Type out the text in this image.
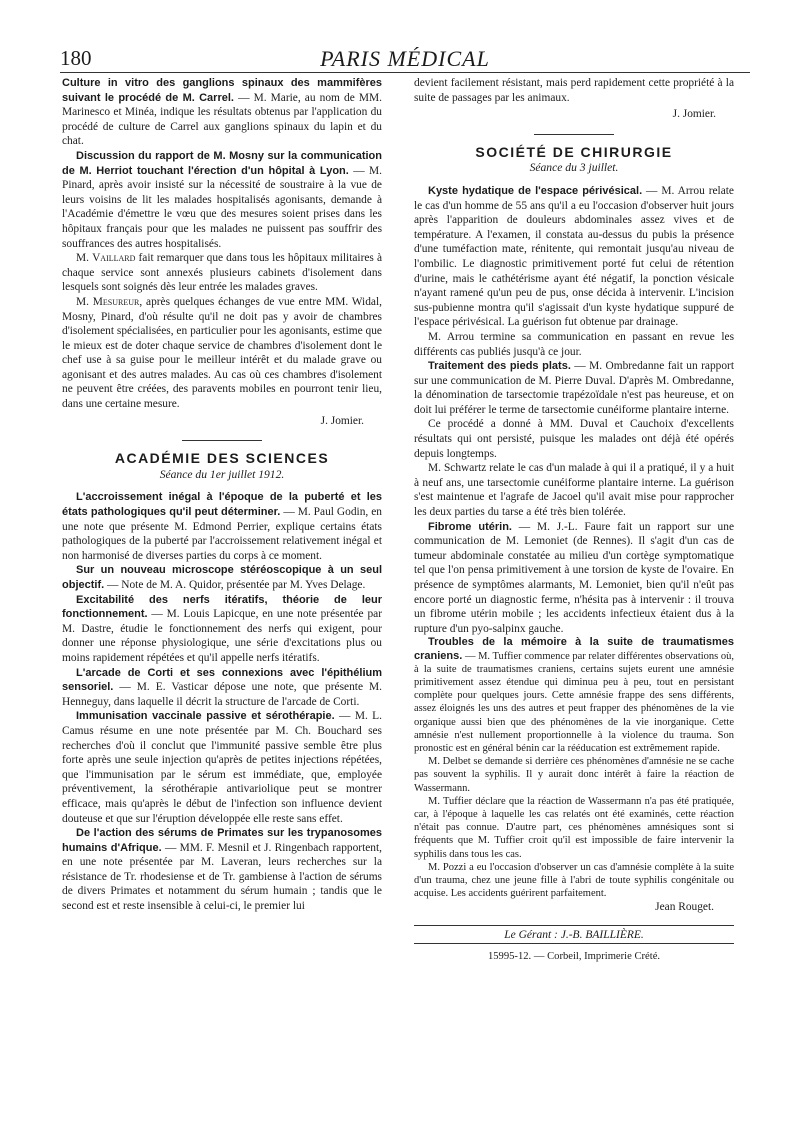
180	PARIS MÉDICAL

Culture in vitro des ganglions spinaux des mammifères suivant le procédé de M. Carrel. — M. Marie, au nom de MM. Marinesco et Minéa, indique les résultats obtenus par l'application du procédé de culture de Carrel aux ganglions spinaux du lapin et du chat.

Discussion du rapport de M. Mosny sur la communication de M. Herriot touchant l'érection d'un hôpital à Lyon. — M. Pinard, après avoir insisté sur la nécessité de soustraire à la vue de leurs voisins de lit les malades hospitalisés agonisants, demande à l'Académie d'émettre le vœu que des mesures soient prises dans les hôpitaux français pour que les malades ne puissent pas souffrir des souffrances des autres hospitalisés.

M. Vaillard fait remarquer que dans tous les hôpitaux militaires à chaque service sont annexés plusieurs cabinets d'isolement dans lesquels sont soignés dès leur entrée les malades graves.

M. Mesureur, après quelques échanges de vue entre MM. Widal, Mosny, Pinard, d'où résulte qu'il ne doit pas y avoir de chambres d'isolement spécialisées, en particulier pour les agonisants, estime que le mieux est de doter chaque service de chambres d'isolement dont le chef use à sa guise pour le meilleur intérêt et du malade grave ou agonisant et des autres malades. Au cas où ces chambres d'isolement ne peuvent être créées, des paravents mobiles en pourront tenir lieu, dans une certaine mesure.

J. Jomier.
ACADÉMIE DES SCIENCES
Séance du 1er juillet 1912.

L'accroissement inégal à l'époque de la puberté et les états pathologiques qu'il peut déterminer. — M. Paul Godin, en une note que présente M. Edmond Perrier, explique certains états pathologiques de la puberté par l'accroissement relativement inégal et non harmonisé de diverses parties du corps à ce moment.

Sur un nouveau microscope stéréoscopique à un seul objectif. — Note de M. A. Quidor, présentée par M. Yves Delage.

Excitabilité des nerfs itératifs, théorie de leur fonctionnement. — M. Louis Lapicque, en une note présentée par M. Dastre, étudie le fonctionnement des nerfs qui exigent, pour donner une réponse physiologique, une série d'excitations plus ou moins rapidement répétées et qu'il appelle nerfs itératifs.

L'arcade de Corti et ses connexions avec l'épithélium sensoriel. — M. E. Vasticar dépose une note, que présente M. Henneguy, dans laquelle il décrit la structure de l'arcade de Corti.

Immunisation vaccinale passive et sérothérapie. — M. L. Camus résume en une note présentée par M. Ch. Bouchard ses recherches d'où il conclut que l'immunité passive semble être plus forte après une seule injection qu'après de petites injections répétées, que l'immunisation par le sérum est immédiate, que, employée préventivement, la sérothérapie antivariolique peut se montrer efficace, mais qu'après le début de l'infection son influence devient douteuse et que sur l'éruption développée elle reste sans effet.

De l'action des sérums de Primates sur les trypanosomes humains d'Afrique. — MM. F. Mesnil et J. Ringenbach rapportent, en une note présentée par M. Laveran, leurs recherches sur la résistance de Tr. rhodesiense et de Tr. gambiense à l'action de sérums de divers Primates et notamment du sérum humain ; tandis que le second est et reste insensible à celui-ci, le premier lui

devient facilement résistant, mais perd rapidement cette propriété à la suite de passages par les animaux.

J. Jomier.
SOCIÉTÉ DE CHIRURGIE
Séance du 3 juillet.

Kyste hydatique de l'espace périvésical. — M. Arrou relate le cas d'un homme de 55 ans qu'il a eu l'occasion d'observer huit jours après l'apparition de douleurs abdominales assez vives et de température. A l'examen, il constata au-dessus du pubis la présence d'une tuméfaction mate, rénitente, qui remontait jusqu'au niveau de l'ombilic. Le diagnostic primitivement porté fut celui de rétention d'urine, mais le cathétérisme ayant été négatif, la ponction vésicale n'ayant ramené qu'un peu de pus, onse décida à intervenir. L'incision sus-pubienne montra qu'il s'agissait d'un kyste hydatique suppuré de l'espace périvésical. La guérison fut obtenue par drainage.

M. Arrou termine sa communication en passant en revue les différents cas publiés jusqu'à ce jour.

Traitement des pieds plats. — M. Ombredanne fait un rapport sur une communication de M. Pierre Duval. D'après M. Ombredanne, la dénomination de tarsectomie trapézoïdale n'est pas heureuse, et on doit lui préférer le terme de tarsectomie cunéiforme plantaire interne.

Ce procédé a donné à MM. Duval et Cauchoix d'excellents résultats qui ont persisté, puisque les malades ont déjà été opérés depuis longtemps.

M. Schwartz relate le cas d'un malade à qui il a pratiqué, il y a huit à neuf ans, une tarsectomie cunéiforme plantaire interne. La guérison s'est maintenue et l'agrafe de Jacoel qu'il avait mise pour rapprocher les deux parties du tarse a été très bien tolérée.

Fibrome utérin. — M. J.-L. Faure fait un rapport sur une communication de M. Lemoniet (de Rennes). Il s'agit d'un cas de tumeur abdominale constatée au milieu d'un cortège symptomatique tel que l'on pensa primitivement à une torsion de kyste de l'ovaire. En présence de symptômes alarmants, M. Lemoniet, bien qu'il n'eût pas encore porté un diagnostic ferme, n'hésita pas à intervenir : il trouva un fibrome utérin mobile ; les accidents infectieux étaient dus à la rupture d'un pyo-salpinx gauche.

Troubles de la mémoire à la suite de traumatismes craniens. — M. Tuffier commence par relater différentes observations où, à la suite de traumatismes craniens, certains sujets eurent une amnésie primitivement assez étendue qui diminua peu à peu, tout en persistant complète pour quelques jours. Cette amnésie frappe des sens différents, assez éloignés les uns des autres et peut frapper des phénomènes de la vie organique aussi bien que des phénomènes de la vie inorganique. Cette amnésie n'est nullement proportionnelle à la violence du trauma. Son pronostic est en général bénin car la rééducation est extrêmement rapide.

M. Delbet se demande si derrière ces phénomènes d'amnésie ne se cache pas souvent la syphilis. Il y aurait donc intérêt à faire la réaction de Wassermann.

M. Tuffier déclare que la réaction de Wassermann n'a pas été pratiquée, car, à l'époque à laquelle les cas relatés ont été examinés, cette réaction n'était pas connue. D'autre part, ces phénomènes amnésiques sont si fréquents que M. Tuffier croit qu'il est impossible de faire intervenir la syphilis dans tous les cas.

M. Pozzi a eu l'occasion d'observer un cas d'amnésie complète à la suite d'un trauma, chez une jeune fille à l'abri de toute syphilis congénitale ou acquise. Les accidents guérirent parfaitement.

Jean Rouget.
Le Gérant : J.-B. BAILLIÈRE.
15995-12. — Corbeil, Imprimerie Crété.
